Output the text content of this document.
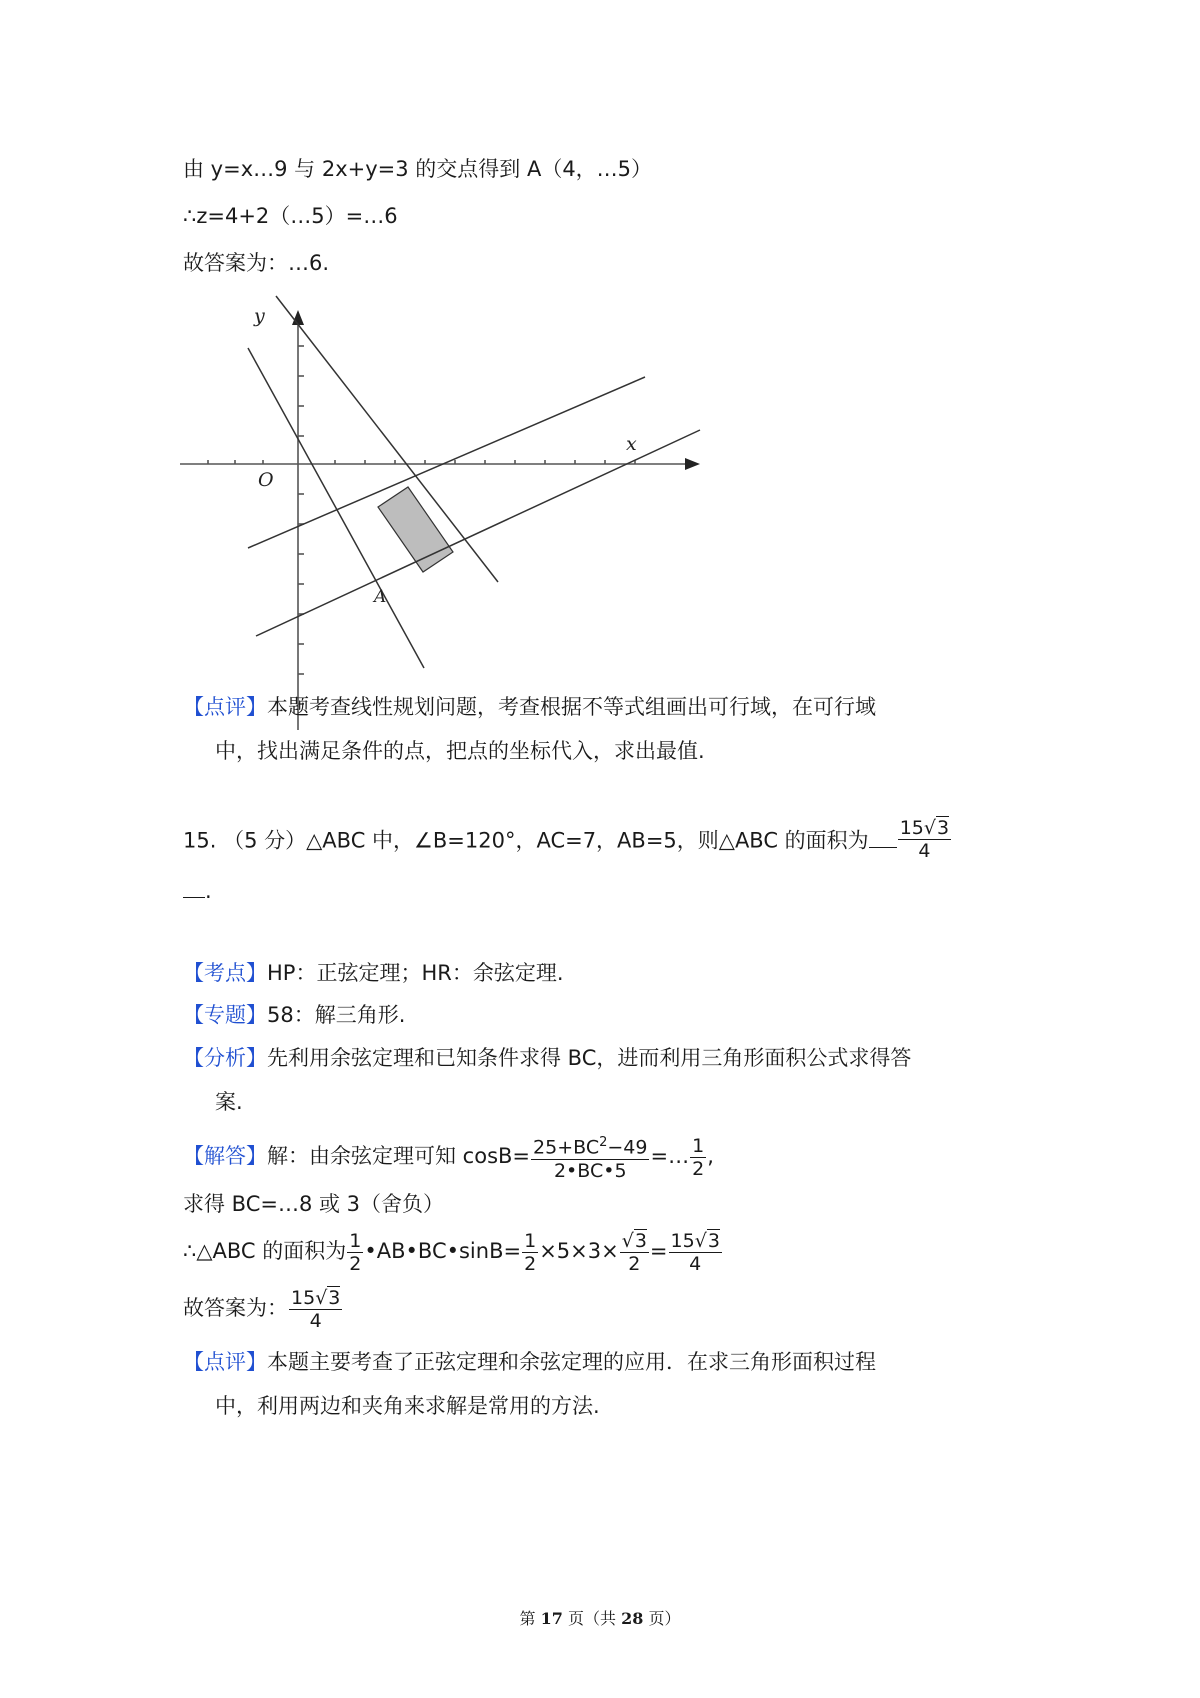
由 y=x…9 与 2x+y=3 的交点得到 A（4，…5）
∴z=4+2（…5）=…6
故答案为：…6.
y
x
O
A
【点评】本题考查线性规划问题，考查根据不等式组画出可行域，在可行域
中，找出满足条件的点，把点的坐标代入，求出最值.
15. （5 分）△ABC 中，∠B=120°，AC=7，AB=5，则△ABC 的面积为 $\frac{15√3}{4}$
.
【考点】HP：正弦定理；HR：余弦定理.
【专题】58：解三角形.
【分析】先利用余弦定理和已知条件求得 BC，进而利用三角形面积公式求得答
案.
【解答】解：由余弦定理可知 $\cos B= \frac{25+BC^2-49}{2•BC•5}$ =… $\frac{1}{2}$ ,
求得 BC=…8 或 3（舍负）
∴△ABC 的面积为 $\frac{1}{2}$ •AB•BC•sinB= $\frac{1}{2} \times 5\times 3\times \frac{√3}{2} = \frac{15√3}{4}$
故答案为： $\frac{15√3}{4}$
【点评】本题主要考查了正弦定理和余弦定理的应用．在求三角形面积过程
中，利用两边和夹角来求解是常用的方法.
第 17 页（共 28 页）
